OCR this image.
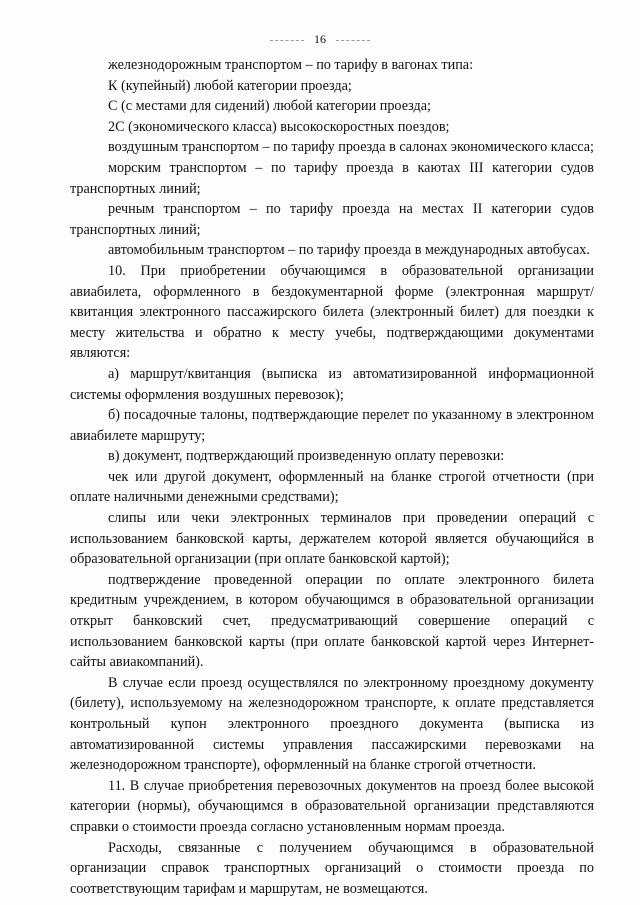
16

железнодорожным транспортом – по тарифу в вагонах типа:

К (купейный) любой категории проезда;

С (с местами для сидений) любой категории проезда;

2С (экономического класса) высокоскоростных поездов;

воздушным транспортом – по тарифу проезда в салонах экономического класса;

морским транспортом – по тарифу проезда в каютах III категории судов транспортных линий;

речным транспортом – по тарифу проезда на местах II категории судов транспортных линий;

автомобильным транспортом – по тарифу проезда в международных автобусах.

10. При приобретении обучающимся в образовательной организации авиабилета, оформленного в бездокументарной форме (электронная маршрут/квитанция электронного пассажирского билета (электронный билет) для поездки к месту жительства и обратно к месту учебы, подтверждающими документами являются:

а) маршрут/квитанция (выписка из автоматизированной информационной системы оформления воздушных перевозок);

б) посадочные талоны, подтверждающие перелет по указанному в электронном авиабилете маршруту;

в) документ, подтверждающий произведенную оплату перевозки:

чек или другой документ, оформленный на бланке строгой отчетности (при оплате наличными денежными средствами);

слипы или чеки электронных терминалов при проведении операций с использованием банковской карты, держателем которой является обучающийся в образовательной организации (при оплате банковской картой);

подтверждение проведенной операции по оплате электронного билета кредитным учреждением, в котором обучающимся в образовательной организации открыт банковский счет, предусматривающий совершение операций с использованием банковской карты (при оплате банковской картой через Интернет-сайты авиакомпаний).

В случае если проезд осуществлялся по электронному проездному документу (билету), используемому на железнодорожном транспорте, к оплате представляется контрольный купон электронного проездного документа (выписка из автоматизированной системы управления пассажирскими перевозками на железнодорожном транспорте), оформленный на бланке строгой отчетности.

11. В случае приобретения перевозочных документов на проезд более высокой категории (нормы), обучающимся в образовательной организации представляются справки о стоимости проезда согласно установленным нормам проезда.

Расходы, связанные с получением обучающимся в образовательной организации справок транспортных организаций о стоимости проезда по соответствующим тарифам и маршрутам, не возмещаются.
